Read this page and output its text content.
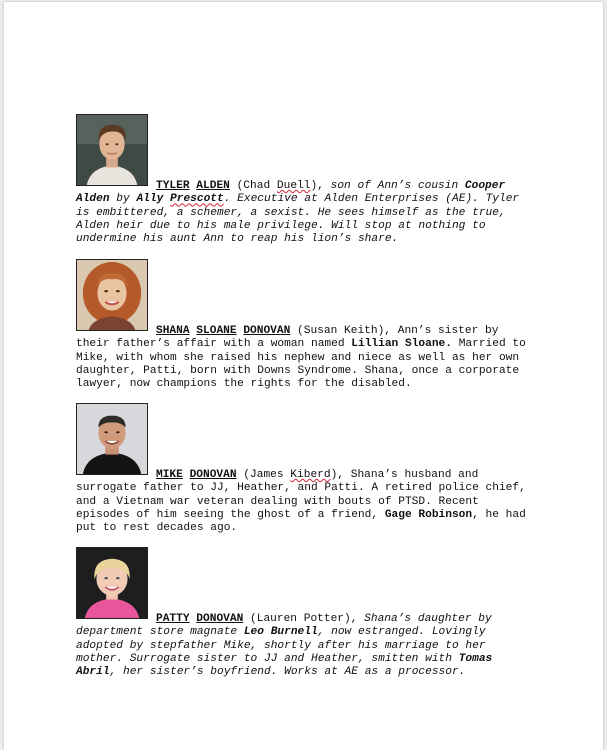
TYLER ALDEN (Chad Duell), son of Ann’s cousin Cooper Alden by Ally Prescott. Executive at Alden Enterprises (AE). Tyler is embittered, a schemer, a sexist. He sees himself as the true, Alden heir due to his male privilege. Will stop at nothing to undermine his aunt Ann to reap his lion’s share.

SHANA SLOANE DONOVAN (Susan Keith), Ann’s sister by their father’s affair with a woman named Lillian Sloane. Married to Mike, with whom she raised his nephew and niece as well as her own daughter, Patti, born with Downs Syndrome. Shana, once a corporate lawyer, now champions the rights for the disabled.

MIKE DONOVAN (James Kiberd), Shana’s husband and surrogate father to JJ, Heather, and Patti. A retired police chief, and a Vietnam war veteran dealing with bouts of PTSD. Recent episodes of him seeing the ghost of a friend, Gage Robinson, he had put to rest decades ago.

PATTY DONOVAN (Lauren Potter), Shana’s daughter by department store magnate Leo Burnell, now estranged. Lovingly adopted by stepfather Mike, shortly after his marriage to her mother. Surrogate sister to JJ and Heather, smitten with Tomas Abril, her sister’s boyfriend. Works at AE as a processor.
